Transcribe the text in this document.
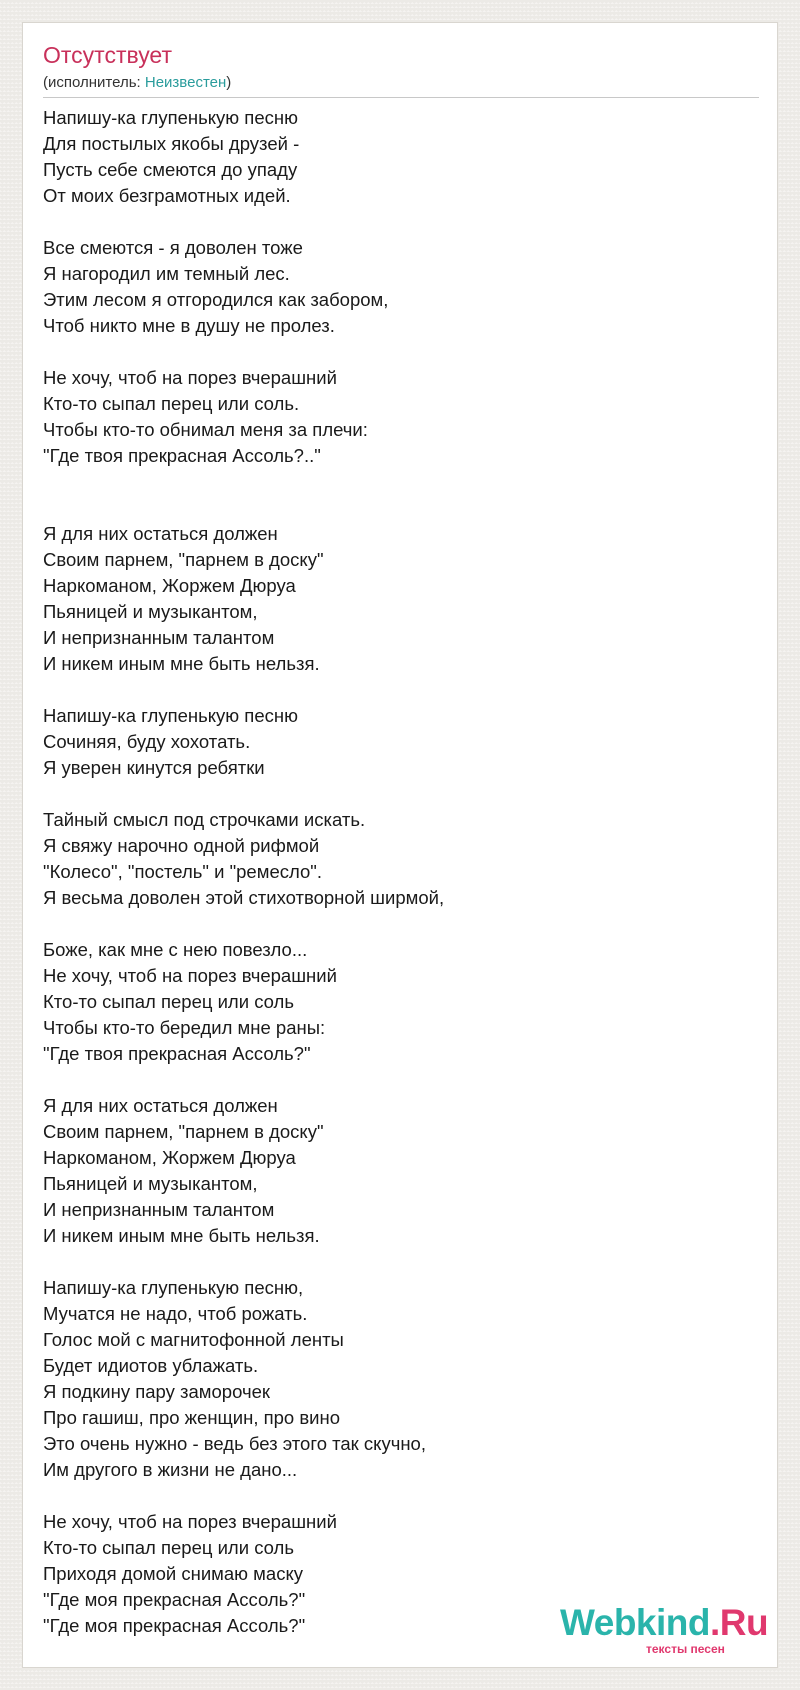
Отсутствует
(исполнитель: Неизвестен)
Напишу-ка глупенькую песню
Для постылых якобы друзей -
Пусть себе смеются до упаду
От моих безграмотных идей.
Все смеются - я доволен тоже
Я нагородил им темный лес.
Этим лесом я отгородился как забором,
Чтоб никто мне в душу не пролез.
Не хочу, чтоб на порез вчерашний
Кто-то сыпал перец или соль.
Чтобы кто-то обнимал меня за плечи:
"Где твоя прекрасная Ассоль?.."
Я для них остаться должен
Своим парнем, "парнем в доску"
Наркоманом, Жоржем Дюруа
Пьяницей и музыкантом,
И непризнанным талантом
И никем иным мне быть нельзя.
Напишу-ка глупенькую песню
Сочиняя, буду хохотать.
Я уверен кинутся ребятки
Тайный смысл под строчками искать.
Я свяжу нарочно одной рифмой
"Колесо", "постель" и "ремесло".
Я весьма доволен этой стихотворной ширмой,
Боже, как мне с нею повезло...
Не хочу, чтоб на порез вчерашний
Кто-то сыпал перец или соль
Чтобы кто-то бередил мне раны:
"Где твоя прекрасная Ассоль?"
Я для них остаться должен
Своим парнем, "парнем в доску"
Наркоманом, Жоржем Дюруа
Пьяницей и музыкантом,
И непризнанным талантом
И никем иным мне быть нельзя.
Напишу-ка глупенькую песню,
Мучатся не надо, чтоб рожать.
Голос мой с магнитофонной ленты
Будет идиотов ублажать.
Я подкину пару заморочек
Про гашиш, про женщин, про вино
Это очень нужно - ведь без этого так скучно,
Им другого в жизни не дано...
Не хочу, чтоб на порез вчерашний
Кто-то сыпал перец или соль
Приходя домой снимаю маску
"Где моя прекрасная Ассоль?"
"Где моя прекрасная Ассоль?"	Webkind.Ru
тексты песен
